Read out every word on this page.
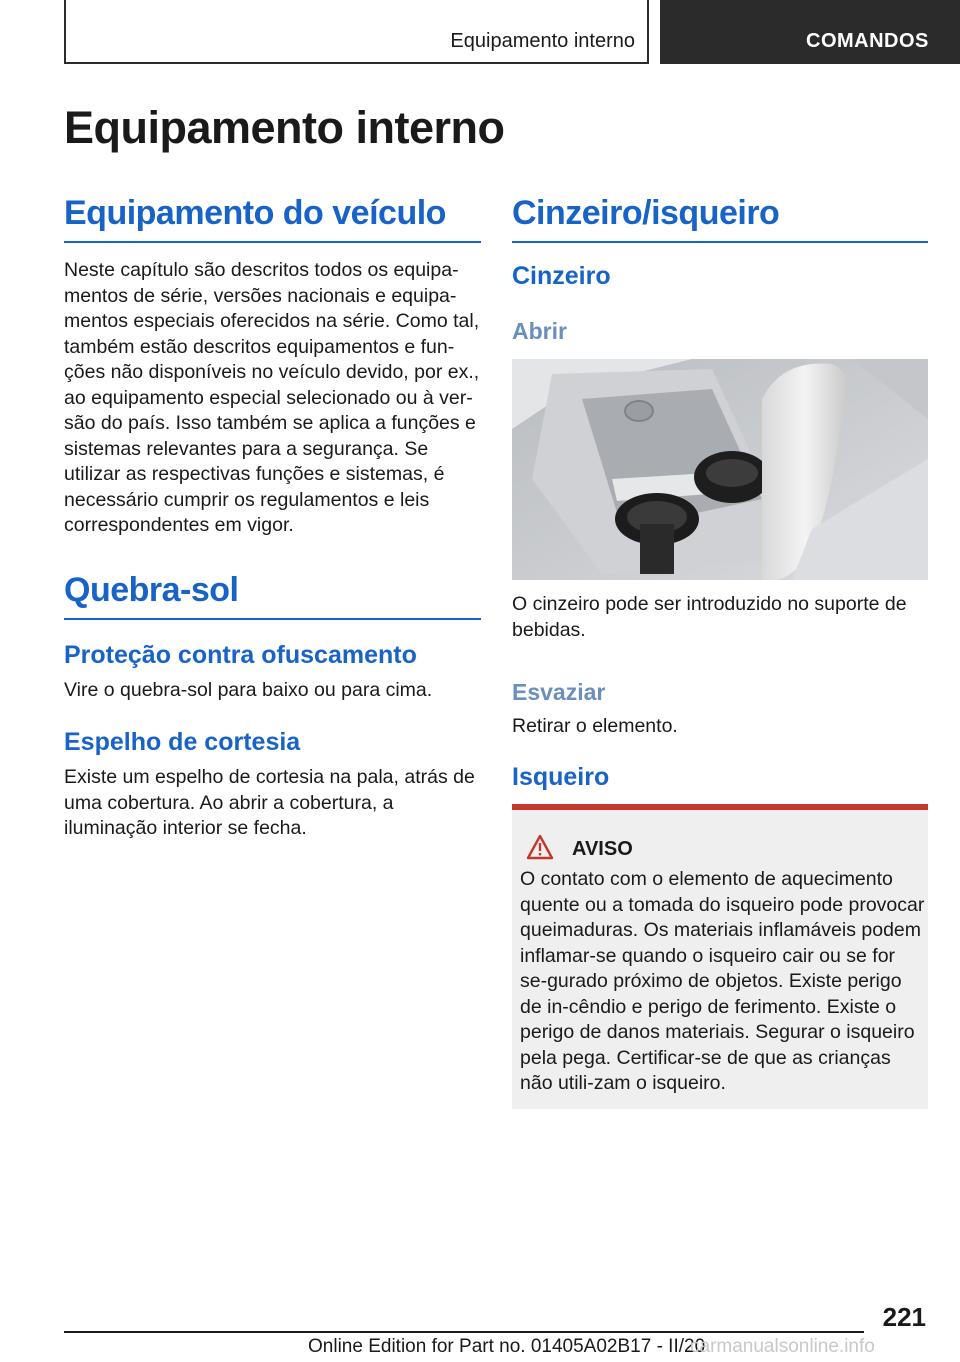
Equipamento interno	COMANDOS
Equipamento interno
Equipamento do veículo

Neste capítulo são descritos todos os equipa-mentos de série, versões nacionais e equipa-mentos especiais oferecidos na série. Como tal, também estão descritos equipamentos e fun-ções não disponíveis no veículo devido, por ex., ao equipamento especial selecionado ou à ver-são do país. Isso também se aplica a funções e sistemas relevantes para a segurança. Se utilizar as respectivas funções e sistemas, é necessário cumprir os regulamentos e leis correspondentes em vigor.

Quebra-sol
Proteção contra ofuscamento

Vire o quebra-sol para baixo ou para cima.

Espelho de cortesia

Existe um espelho de cortesia na pala, atrás de uma cobertura. Ao abrir a cobertura, a iluminação interior se fecha.

Cinzeiro/isqueiro
Cinzeiro
Abrir

O cinzeiro pode ser introduzido no suporte de bebidas.

Esvaziar

Retirar o elemento.

Isqueiro
AVISO

O contato com o elemento de aquecimento quente ou a tomada do isqueiro pode provocar queimaduras. Os materiais inflamáveis podem inflamar-se quando o isqueiro cair ou se for se-gurado próximo de objetos. Existe perigo de in-cêndio e perigo de ferimento. Existe o perigo de danos materiais. Segurar o isqueiro pela pega. Certificar-se de que as crianças não utili-zam o isqueiro.

221
Online Edition for Part no. 01405A02B17 - II/20
carmanualsonline.info
